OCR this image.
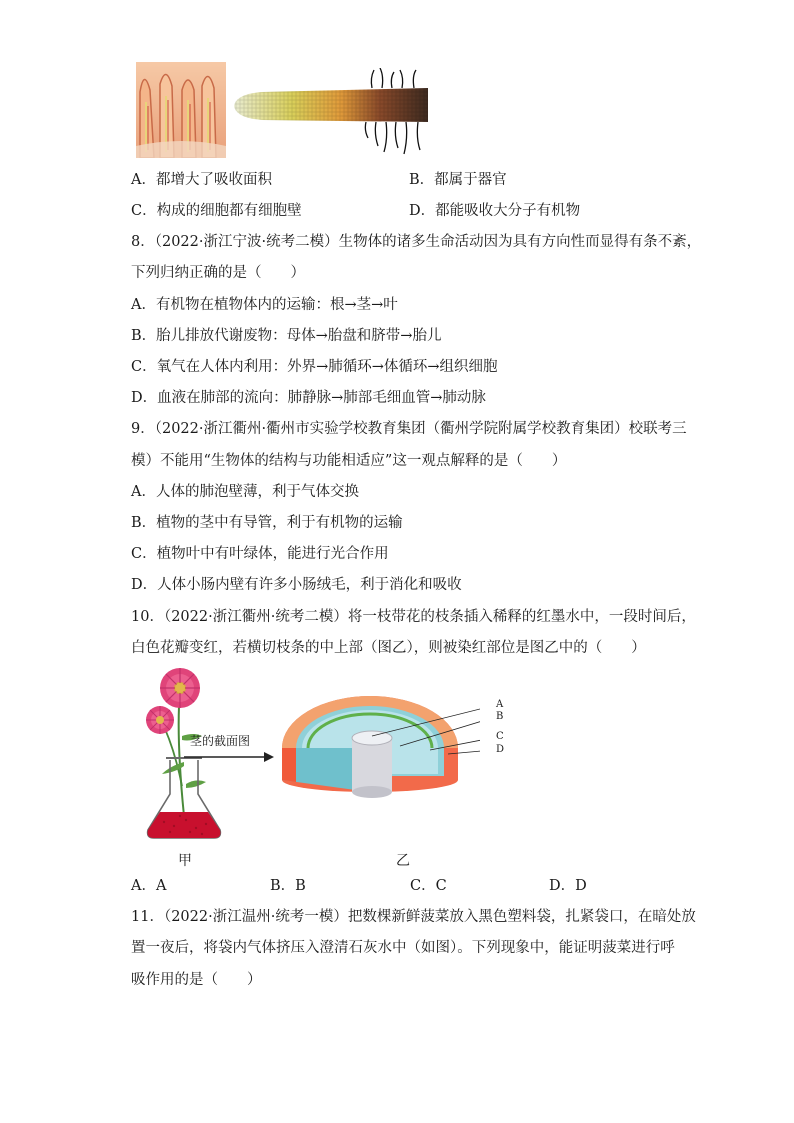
A．都增大了吸收面积	B．都属于器官
C．构成的细胞都有细胞壁	D．都能吸收大分子有机物
8．（2022·浙江宁波·统考二模）生物体的诸多生命活动因为具有方向性而显得有条不紊，
下列归纳正确的是（　　）
A．有机物在植物体内的运输：根→茎→叶
B．胎儿排放代谢废物：母体→胎盘和脐带→胎儿
C．氧气在人体内利用：外界→肺循环→体循环→组织细胞
D．血液在肺部的流向：肺静脉→肺部毛细血管→肺动脉
9．（2022·浙江衢州·衢州市实验学校教育集团（衢州学院附属学校教育集团）校联考三
模）不能用“生物体的结构与功能相适应”这一观点解释的是（　　）
A．人体的肺泡壁薄，利于气体交换
B．植物的茎中有导管，利于有机物的运输
C．植物叶中有叶绿体，能进行光合作用
D．人体小肠内壁有许多小肠绒毛，利于消化和吸收
10．（2022·浙江衢州·统考二模）将一枝带花的枝条插入稀释的红墨水中，一段时间后，
白色花瓣变红，若横切枝条的中上部（图乙），则被染红部位是图乙中的（　　）
茎的截面图
A
B
C
D
甲	乙
A．A	B．B	C．C	D．D
11．（2022·浙江温州·统考一模）把数棵新鲜菠菜放入黑色塑料袋，扎紧袋口，在暗处放
置一夜后，将袋内气体挤压入澄清石灰水中（如图）。下列现象中，能证明菠菜进行呼
吸作用的是（　　）
